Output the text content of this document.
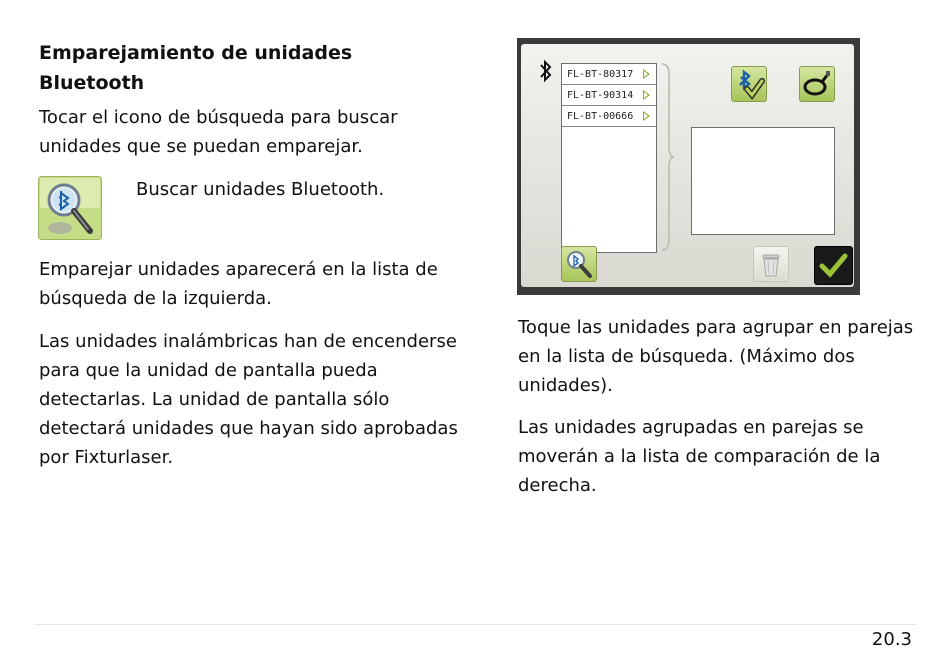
Emparejamiento de unidades Bluetooth

Tocar el icono de búsqueda para buscar unidades que se puedan emparejar.

Buscar unidades Bluetooth.

Emparejar unidades aparecerá en la lista de búsqueda de la izquierda.

Las unidades inalámbricas han de encenderse para que la unidad de pantalla pueda detectarlas. La unidad de pantalla sólo detectará unidades que hayan sido aprobadas por Fixturlaser.

FL-BT-80317
FL-BT-90314
FL-BT-00666

Toque las unidades para agrupar en parejas en la lista de búsqueda. (Máximo dos unidades).

Las unidades agrupadas en parejas se moverán a la lista de comparación de la derecha.

20.3
